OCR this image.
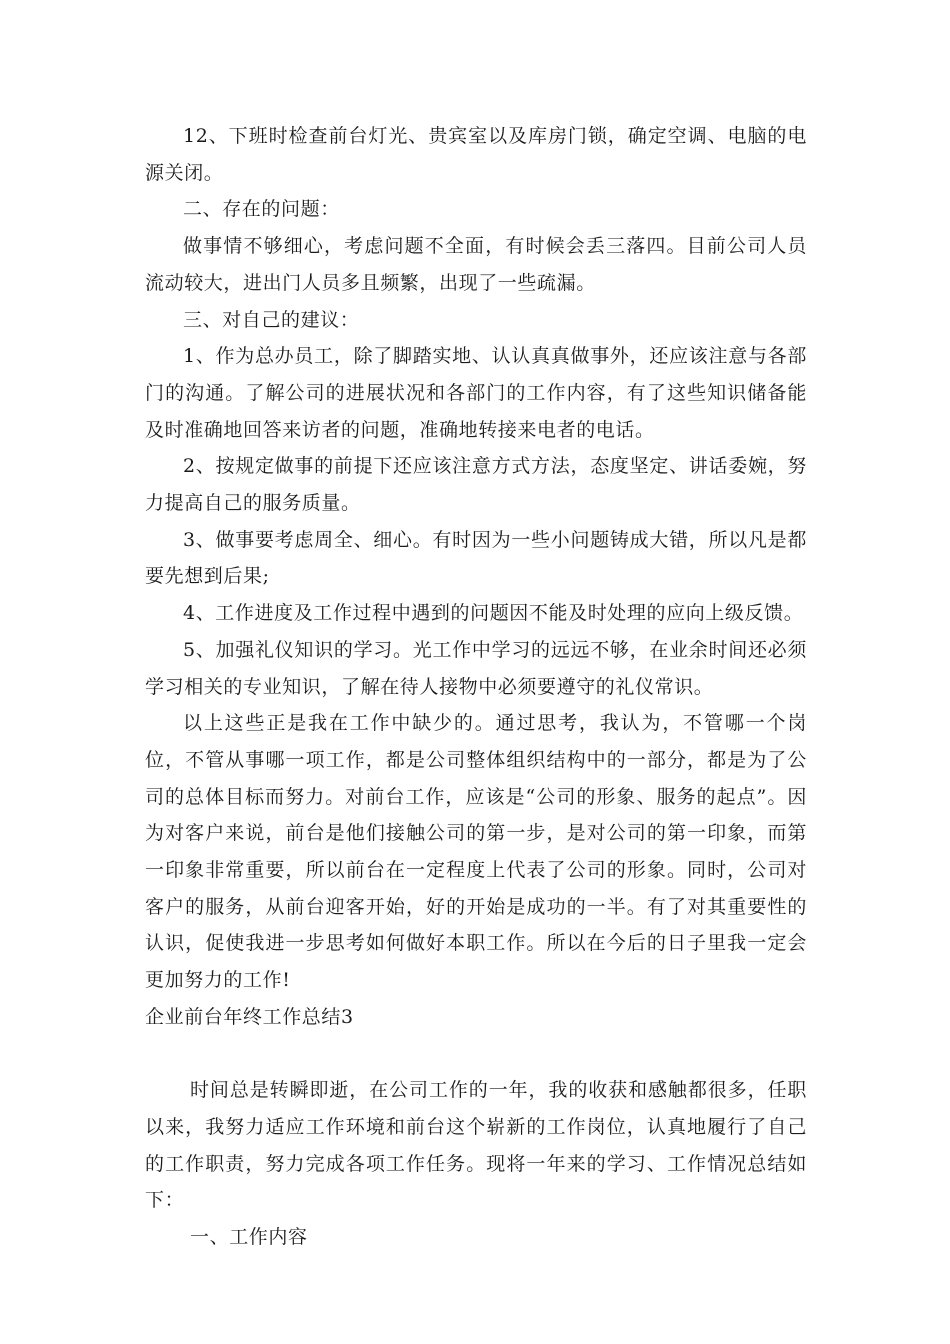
12、下班时检查前台灯光、贵宾室以及库房门锁，确定空调、电脑的电源关闭。

二、存在的问题：

做事情不够细心，考虑问题不全面，有时候会丢三落四。目前公司人员流动较大，进出门人员多且频繁，出现了一些疏漏。

三、对自己的建议：

1、作为总办员工，除了脚踏实地、认认真真做事外，还应该注意与各部门的沟通。了解公司的进展状况和各部门的工作内容，有了这些知识储备能及时准确地回答来访者的问题，准确地转接来电者的电话。

2、按规定做事的前提下还应该注意方式方法，态度坚定、讲话委婉，努力提高自己的服务质量。

3、做事要考虑周全、细心。有时因为一些小问题铸成大错，所以凡是都要先想到后果;

4、工作进度及工作过程中遇到的问题因不能及时处理的应向上级反馈。

5、加强礼仪知识的学习。光工作中学习的远远不够，在业余时间还必须学习相关的专业知识，了解在待人接物中必须要遵守的礼仪常识。

以上这些正是我在工作中缺少的。通过思考，我认为，不管哪一个岗位，不管从事哪一项工作，都是公司整体组织结构中的一部分，都是为了公司的总体目标而努力。对前台工作，应该是“公司的形象、服务的起点”。因为对客户来说，前台是他们接触公司的第一步，是对公司的第一印象，而第一印象非常重要，所以前台在一定程度上代表了公司的形象。同时，公司对客户的服务，从前台迎客开始，好的开始是成功的一半。有了对其重要性的认识，促使我进一步思考如何做好本职工作。所以在今后的日子里我一定会更加努力的工作!

企业前台年终工作总结3

时间总是转瞬即逝，在公司工作的一年，我的收获和感触都很多，任职以来，我努力适应工作环境和前台这个崭新的工作岗位，认真地履行了自己的工作职责，努力完成各项工作任务。现将一年来的学习、工作情况总结如下：

一、工作内容
